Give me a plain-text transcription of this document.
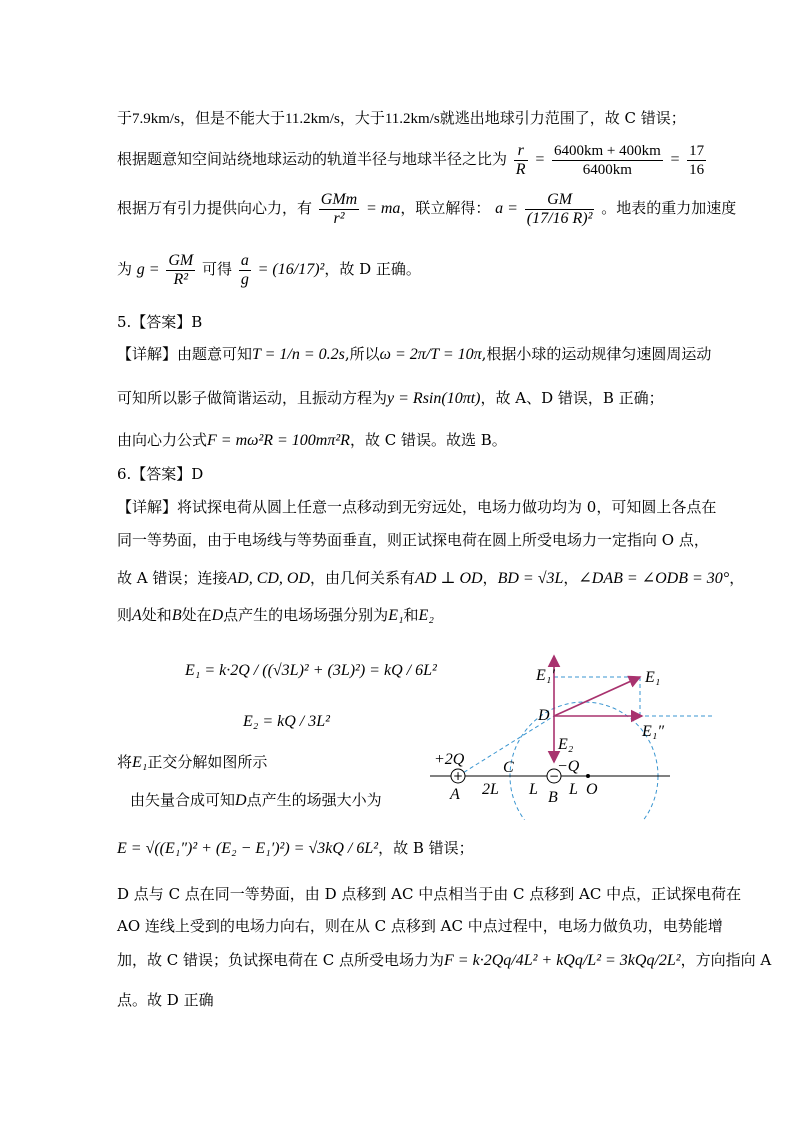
于7.9km/s，但是不能大于11.2km/s，大于11.2km/s就逃出地球引力范围了，故 C 错误；
根据题意知空间站绕地球运动的轨道半径与地球半径之比为 $\frac{r}{R} = \frac{6400km + 400km}{6400km} = \frac{17}{16}$
根据万有引力提供向心力，有 GMm
r²
= ma，联立解得： $a = \frac{GM}{\text{(17/16 R)²}}$ 。地表的重力加速度
为 $g = \frac{GM}{\text{R²}}$ 可得 $\frac{a}{g} = (16/17)^2$，故 D 正确。
5.【答案】B
【详解】由题意可知T = 1/n = 0.2s,所以ω = 2π/T = 10π,根据小球的运动规律匀速圆周运动
可知所以影子做简谐运动，且振动方程为y = Rsin(10πt)，故 A、D 错误，B 正确；
由向心力公式F = mω²R = 100mπ²R，故 C 错误。故选 B。
6.【答案】D
【详解】将试探电荷从圆上任意一点移动到无穷远处，电场力做功均为 0，可知圆上各点在
同一等势面，由于电场线与等势面垂直，则正试探电荷在圆上所受电场力一定指向 O 点，
故 A 错误；连接AD, CD, OD，由几何关系有AD ⊥ OD，BD = √3L，∠DAB = ∠ODB = 30°，
则A处和B处在D点产生的电场场强分别为E₁和E₂
E₁ = k·2Q / ((√3L)² + (3L)²) = kQ / 6L²
E₂ = kQ / 3L²
将E₁正交分解如图所示
由矢量合成可知D点产生的场强大小为
E = √((E₁″)² + (E₂ − E₁′)²) = √3kQ / 6L²，故 B 错误；
D 点与 C 点在同一等势面，由 D 点移到 AC 中点相当于由 C 点移到 AC 中点，正试探电荷在
AO 连线上受到的电场力向右，则在从 C 点移到 AC 中点过程中，电场力做负功，电势能增
加，故 C 错误；负试探电荷在 C 点所受电场力为F = k·2Qq/4L² + kQq/L² = 3kQq/2L²，方向指向 A
点。故 D 正确
+	−
E₁′	E₁
D
E₁″
E₂
+2Q C	−Q
A 2L L B L O
